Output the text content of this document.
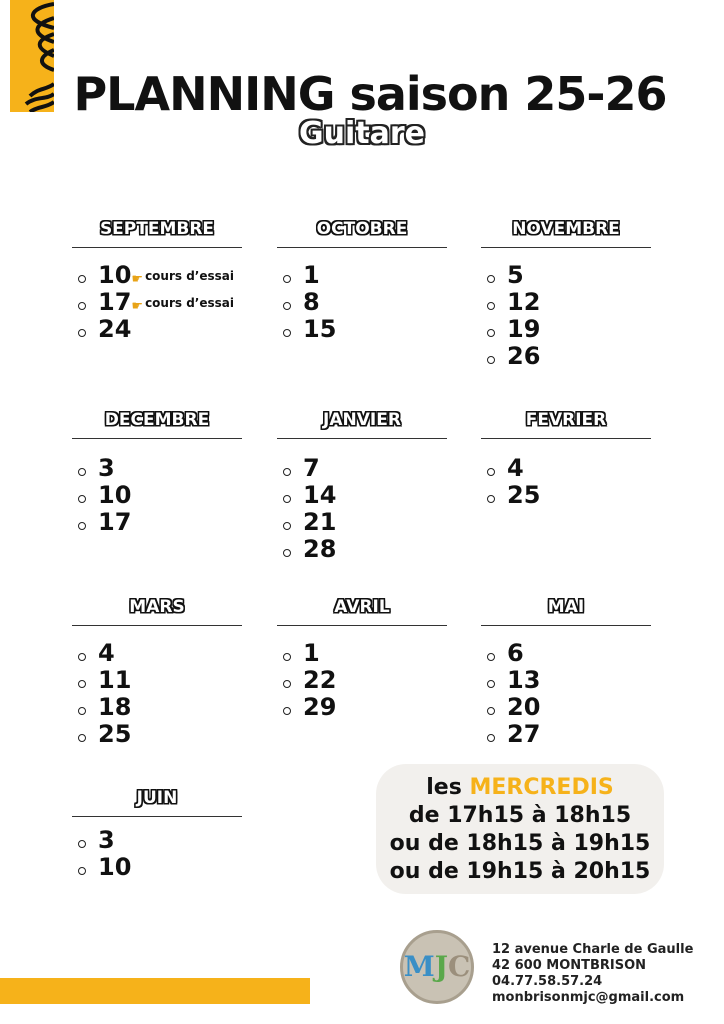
PLANNING saison 25-26
Guitare
SEPTEMBRE
10☛ cours d’essai
17☛ cours d’essai
24
OCTOBRE
1
8
15
NOVEMBRE
5
12
19
26
DECEMBRE
3
10
17
JANVIER
7
14
21
28
FEVRIER
4
25
MARS
4
11
18
25
AVRIL
1
22
29
MAI
6
13
20
27
JUIN
3
10
les MERCREDIS
de 17h15 à 18h15
ou de 18h15 à 19h15
ou de 19h15 à 20h15
MJC
12 avenue Charle de Gaulle
42 600 MONTBRISON
04.77.58.57.24
monbrisonmjc@gmail.com
